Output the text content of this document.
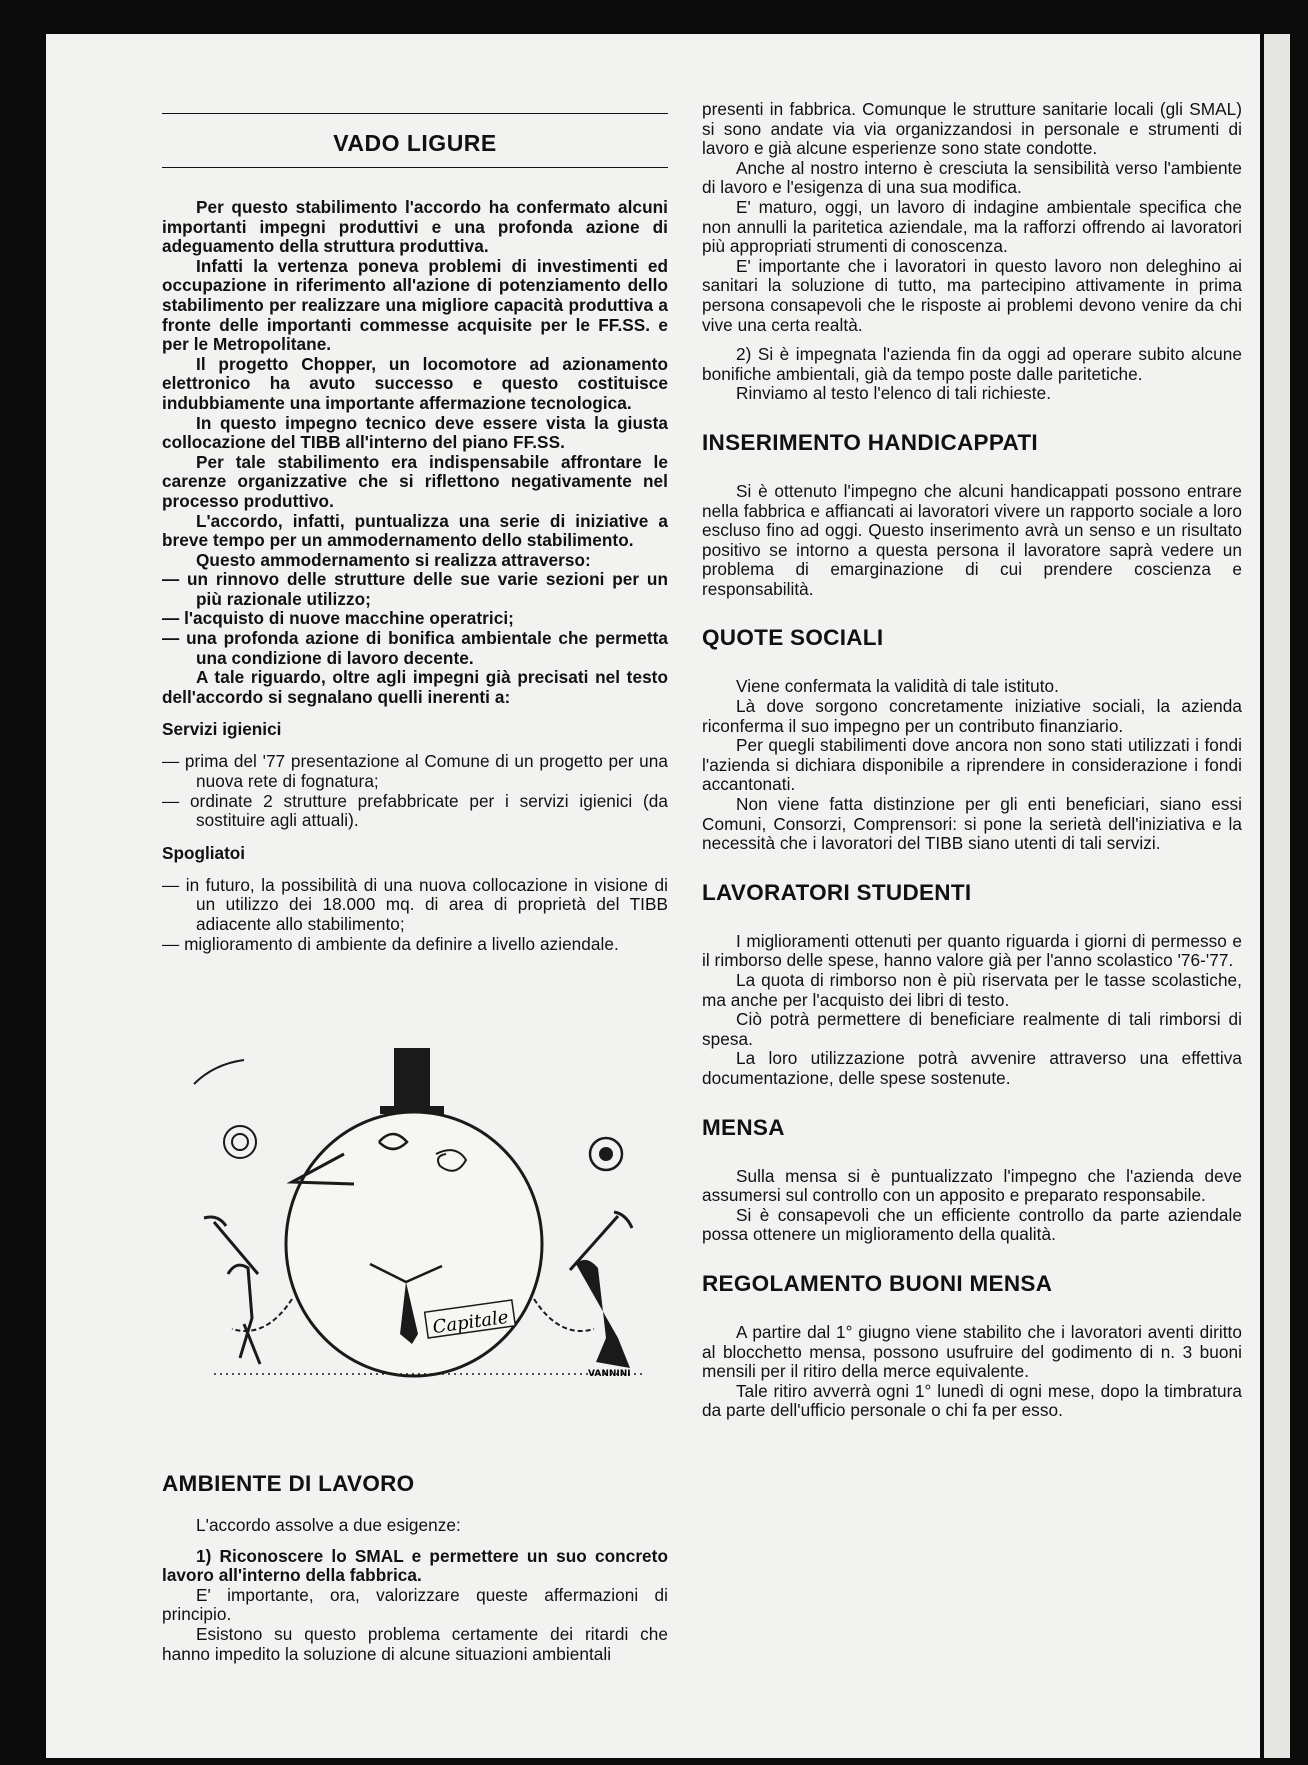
VADO LIGURE

Per questo stabilimento l'accordo ha confermato alcuni importanti impegni produttivi e una profonda azione di adeguamento della struttura produttiva.

Infatti la vertenza poneva problemi di investimenti ed occupazione in riferimento all'azione di potenziamento dello stabilimento per realizzare una migliore capacità produttiva a fronte delle importanti commesse acquisite per le FF.SS. e per le Metropolitane.

Il progetto Chopper, un locomotore ad azionamento elettronico ha avuto successo e questo costituisce indubbiamente una importante affermazione tecnologica.

In questo impegno tecnico deve essere vista la giusta collocazione del TIBB all'interno del piano FF.SS.

Per tale stabilimento era indispensabile affrontare le carenze organizzative che si riflettono negativamente nel processo produttivo.

L'accordo, infatti, puntualizza una serie di iniziative a breve tempo per un ammodernamento dello stabilimento.

Questo ammodernamento si realizza attraverso:

— un rinnovo delle strutture delle sue varie sezioni per un più razionale utilizzo;

— l'acquisto di nuove macchine operatrici;

— una profonda azione di bonifica ambientale che permetta una condizione di lavoro decente.

A tale riguardo, oltre agli impegni già precisati nel testo dell'accordo si segnalano quelli inerenti a:

Servizi igienici

— prima del '77 presentazione al Comune di un progetto per una nuova rete di fognatura;

— ordinate 2 strutture prefabbricate per i servizi igienici (da sostituire agli attuali).

Spogliatoi

— in futuro, la possibilità di una nuova collocazione in visione di un utilizzo dei 18.000 mq. di area di proprietà del TIBB adiacente allo stabilimento;

— miglioramento di ambiente da definire a livello aziendale.

Capitale
VANNINI

AMBIENTE DI LAVORO

L'accordo assolve a due esigenze:

1) Riconoscere lo SMAL e permettere un suo concreto lavoro all'interno della fabbrica.

E' importante, ora, valorizzare queste affermazioni di principio.

Esistono su questo problema certamente dei ritardi che hanno impedito la soluzione di alcune situazioni ambientali

presenti in fabbrica. Comunque le strutture sanitarie locali (gli SMAL) si sono andate via via organizzandosi in personale e strumenti di lavoro e già alcune esperienze sono state condotte.

Anche al nostro interno è cresciuta la sensibilità verso l'ambiente di lavoro e l'esigenza di una sua modifica.

E' maturo, oggi, un lavoro di indagine ambientale specifica che non annulli la paritetica aziendale, ma la rafforzi offrendo ai lavoratori più appropriati strumenti di conoscenza.

E' importante che i lavoratori in questo lavoro non deleghino ai sanitari la soluzione di tutto, ma partecipino attivamente in prima persona consapevoli che le risposte ai problemi devono venire da chi vive una certa realtà.

2) Si è impegnata l'azienda fin da oggi ad operare subito alcune bonifiche ambientali, già da tempo poste dalle paritetiche.

Rinviamo al testo l'elenco di tali richieste.

INSERIMENTO HANDICAPPATI

Si è ottenuto l'impegno che alcuni handicappati possono entrare nella fabbrica e affiancati ai lavoratori vivere un rapporto sociale a loro escluso fino ad oggi. Questo inserimento avrà un senso e un risultato positivo se intorno a questa persona il lavoratore saprà vedere un problema di emarginazione di cui prendere coscienza e responsabilità.

QUOTE SOCIALI

Viene confermata la validità di tale istituto.

Là dove sorgono concretamente iniziative sociali, la azienda riconferma il suo impegno per un contributo finanziario.

Per quegli stabilimenti dove ancora non sono stati utilizzati i fondi l'azienda si dichiara disponibile a riprendere in considerazione i fondi accantonati.

Non viene fatta distinzione per gli enti beneficiari, siano essi Comuni, Consorzi, Comprensori: si pone la serietà dell'iniziativa e la necessità che i lavoratori del TIBB siano utenti di tali servizi.

LAVORATORI STUDENTI

I miglioramenti ottenuti per quanto riguarda i giorni di permesso e il rimborso delle spese, hanno valore già per l'anno scolastico '76-'77.

La quota di rimborso non è più riservata per le tasse scolastiche, ma anche per l'acquisto dei libri di testo.

Ciò potrà permettere di beneficiare realmente di tali rimborsi di spesa.

La loro utilizzazione potrà avvenire attraverso una effettiva documentazione, delle spese sostenute.

MENSA

Sulla mensa si è puntualizzato l'impegno che l'azienda deve assumersi sul controllo con un apposito e preparato responsabile.

Si è consapevoli che un efficiente controllo da parte aziendale possa ottenere un miglioramento della qualità.

REGOLAMENTO BUONI MENSA

A partire dal 1° giugno viene stabilito che i lavoratori aventi diritto al blocchetto mensa, possono usufruire del godimento di n. 3 buoni mensili per il ritiro della merce equivalente.

Tale ritiro avverrà ogni 1° lunedì di ogni mese, dopo la timbratura da parte dell'ufficio personale o chi fa per esso.
